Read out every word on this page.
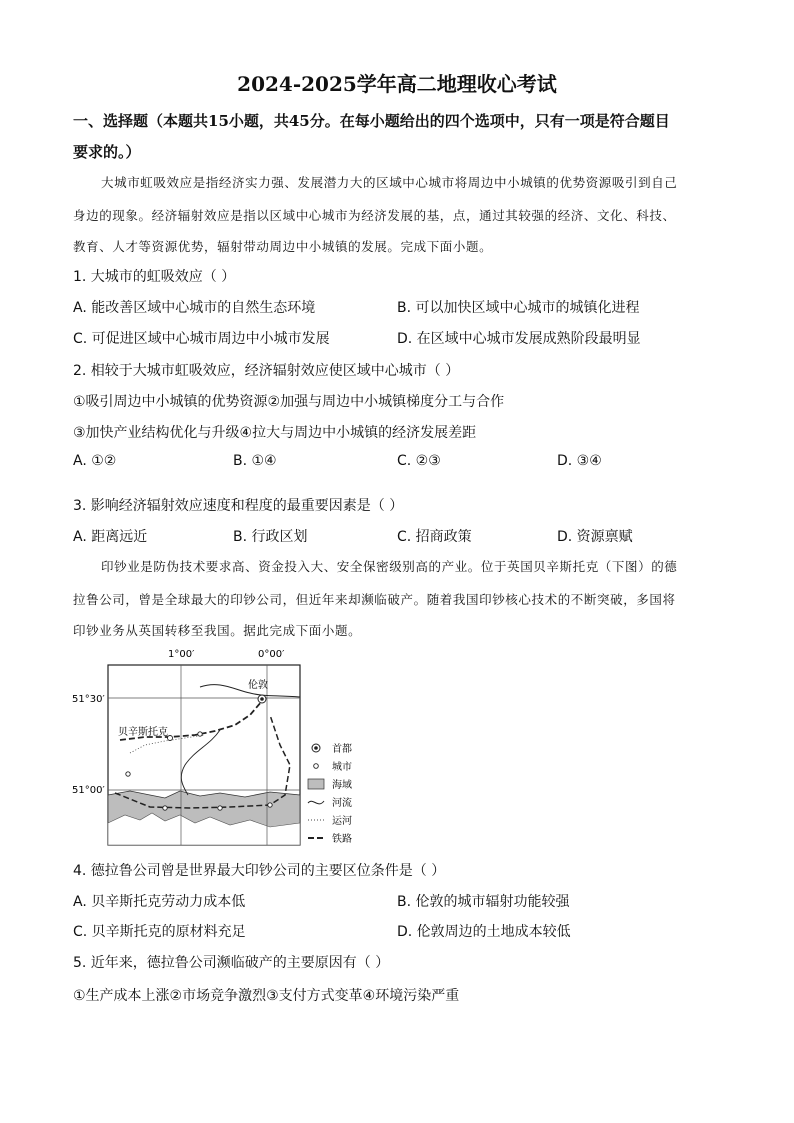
2024-2025学年高二地理收心考试
一、选择题（本题共15小题，共45分。在每小题给出的四个选项中，只有一项是符合题目
要求的。）
大城市虹吸效应是指经济实力强、发展潜力大的区域中心城市将周边中小城镇的优势资源吸引到自己
身边的现象。经济辐射效应是指以区域中心城市为经济发展的基，点，通过其较强的经济、文化、科技、
教育、人才等资源优势，辐射带动周边中小城镇的发展。完成下面小题。
1. 大城市的虹吸效应（ ）
A. 能改善区域中心城市的自然生态环境	B. 可以加快区域中心城市的城镇化进程
C. 可促进区域中心城市周边中小城市发展	D. 在区域中心城市发展成熟阶段最明显
2. 相较于大城市虹吸效应，经济辐射效应使区域中心城市（ ）
①吸引周边中小城镇的优势资源②加强与周边中小城镇梯度分工与合作
③加快产业结构优化与升级④拉大与周边中小城镇的经济发展差距
A. ①②	B. ①④	C. ②③	D. ③④
3. 影响经济辐射效应速度和程度的最重要因素是（ ）
A. 距离远近	B. 行政区划	C. 招商政策	D. 资源禀赋
印钞业是防伪技术要求高、资金投入大、安全保密级别高的产业。位于英国贝辛斯托克（下图）的德
拉鲁公司，曾是全球最大的印钞公司，但近年来却濒临破产。随着我国印钞核心技术的不断突破，多国将
印钞业务从英国转移至我国。据此完成下面小题。
1°00′	0°00′
51°30′
51°00′
伦敦
贝辛斯托克
首都
城市
海域
河流
运河
铁路
4. 德拉鲁公司曾是世界最大印钞公司的主要区位条件是（ ）
A. 贝辛斯托克劳动力成本低	B. 伦敦的城市辐射功能较强
C. 贝辛斯托克的原材料充足	D. 伦敦周边的土地成本较低
5. 近年来，德拉鲁公司濒临破产的主要原因有（ ）
①生产成本上涨②市场竞争激烈③支付方式变革④环境污染严重
